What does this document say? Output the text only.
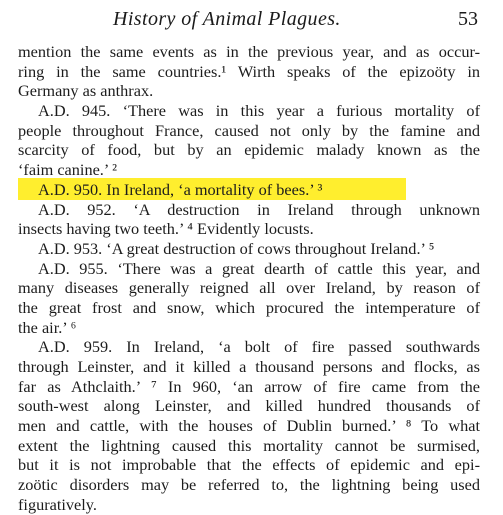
History of Animal Plagues.	53
mention the same events as in the previous year, and as occur-
ring in the same countries.¹ Wirth speaks of the epizoöty in
Germany as anthrax.
A.D. 945. ‘There was in this year a furious mortality of
people throughout France, caused not only by the famine and
scarcity of food, but by an epidemic malady known as the
‘faim canine.’ ²
A.D. 950. In Ireland, ‘a mortality of bees.’ ³
A.D. 952. ‘A destruction in Ireland through unknown
insects having two teeth.’ ⁴ Evidently locusts.
A.D. 953. ‘A great destruction of cows throughout Ireland.’ ⁵
A.D. 955. ‘There was a great dearth of cattle this year, and
many diseases generally reigned all over Ireland, by reason of
the great frost and snow, which procured the intemperature of
the air.’ ⁶
A.D. 959. In Ireland, ‘a bolt of fire passed southwards
through Leinster, and it killed a thousand persons and flocks, as
far as Athclaith.’ ⁷ In 960, ‘an arrow of fire came from the
south-west along Leinster, and killed hundred thousands of
men and cattle, with the houses of Dublin burned.’ ⁸ To what
extent the lightning caused this mortality cannot be surmised,
but it is not improbable that the effects of epidemic and epi-
zoötic disorders may be referred to, the lightning being used
figuratively.
